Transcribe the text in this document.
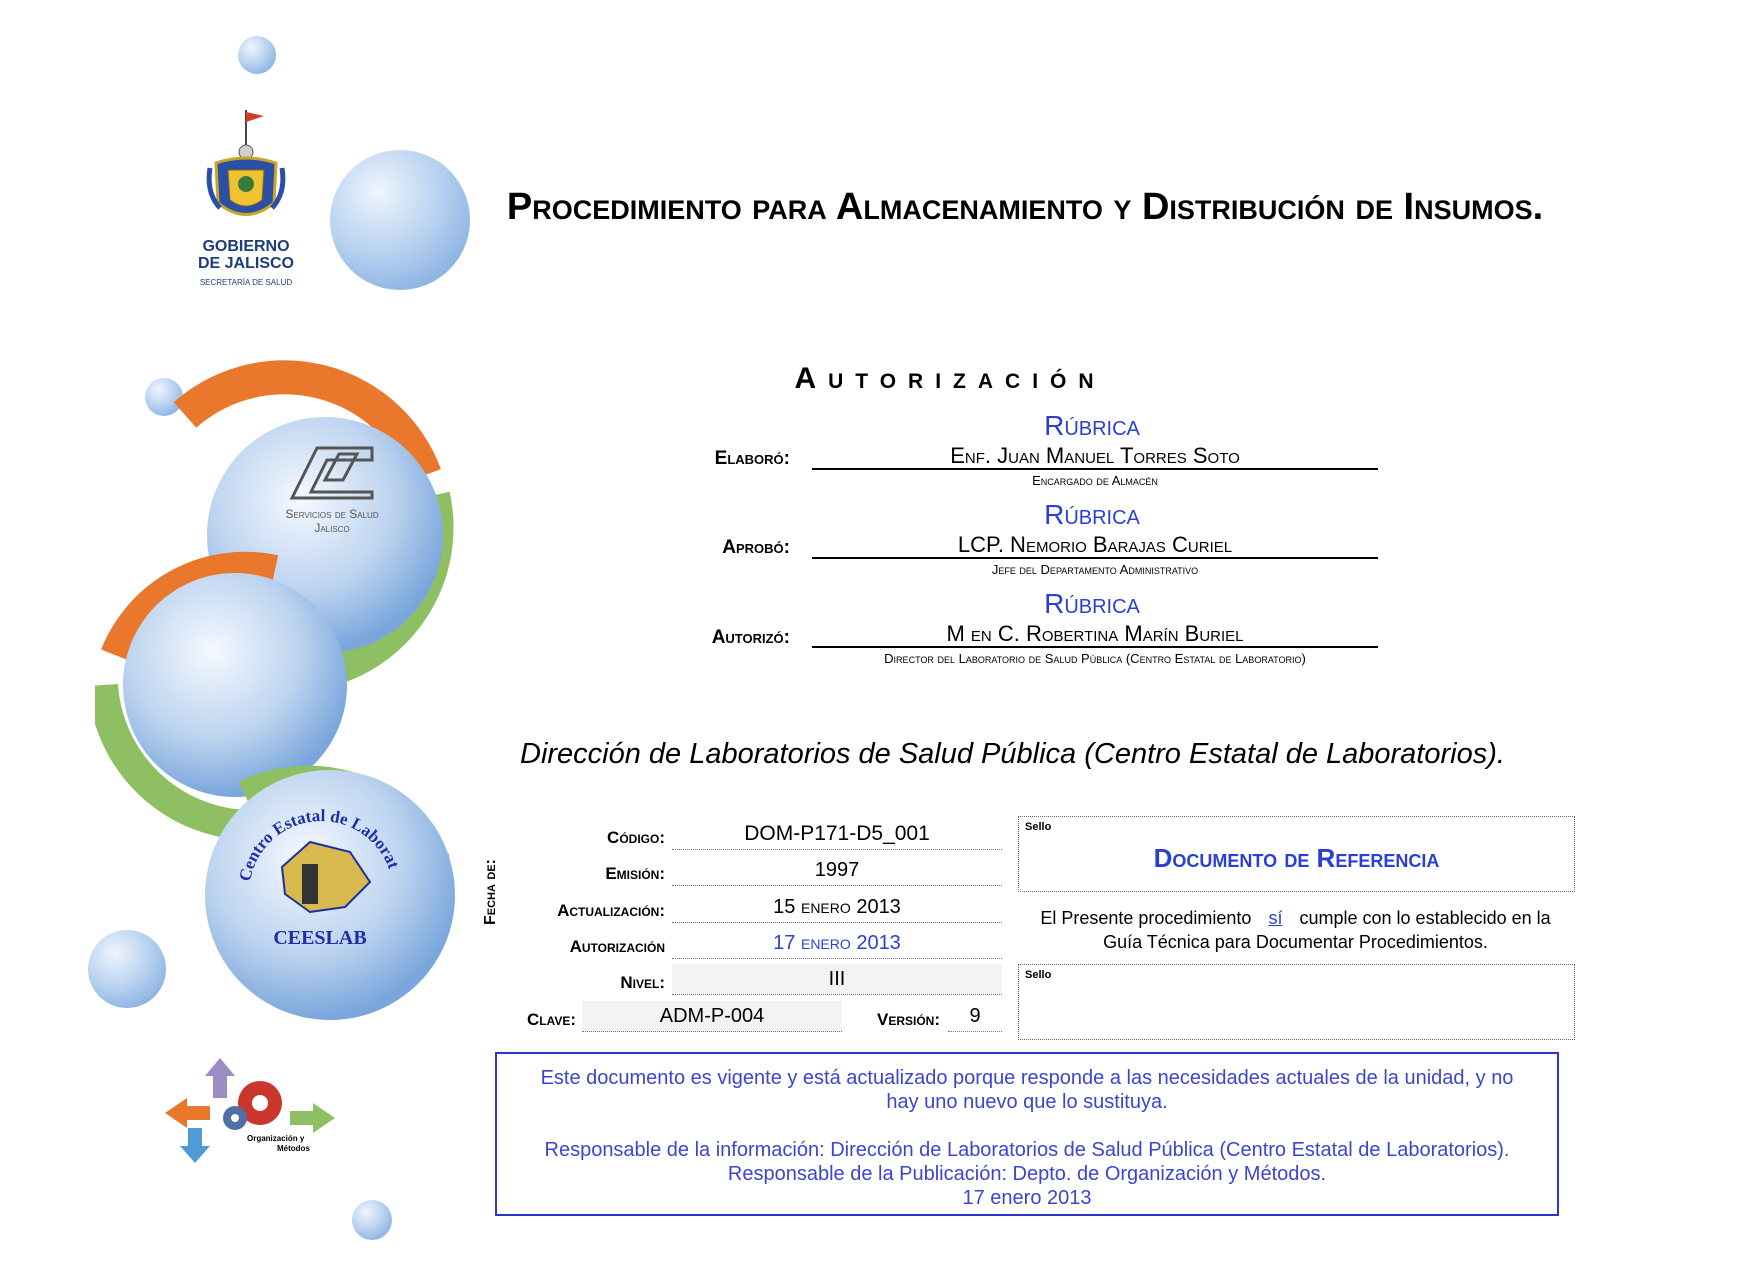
GOBIERNO
DE JALISCO
SECRETARÍA DE SALUD
Servicios de Salud
Jalisco
Centro Estatal de Laborat
CEESLAB
Organización y
Métodos
Procedimiento para Almacenamiento y Distribución de Insumos.
Autorización
Rúbrica
Elaboró:	Enf. Juan Manuel Torres Soto
Encargado de Almacén
Rúbrica
Aprobó:	LCP. Nemorio Barajas Curiel
Jefe del Departamento Administrativo
Rúbrica
Autorizó:	M en C. Robertina Marín Buriel
Director del Laboratorio de Salud Pública (Centro Estatal de Laboratorio)
Dirección de Laboratorios de Salud Pública (Centro Estatal de Laboratorios).
Fecha de:
Código:	DOM-P171-D5_001
Emisión:	1997
Actualización:	15 enero 2013
Autorización	17 enero 2013
Nivel:	III
Clave:	ADM-P-004	Versión:	9
Sello
Documento de Referencia
El Presente procedimiento sí cumple con lo establecido en la
Guía Técnica para Documentar Procedimientos.
Sello

Este documento es vigente y está actualizado porque responde a las necesidades actuales de la unidad, y no

hay uno nuevo que lo sustituya.

Responsable de la información: Dirección de Laboratorios de Salud Pública (Centro Estatal de Laboratorios).

Responsable de la Publicación: Depto. de Organización y Métodos.

17 enero 2013
